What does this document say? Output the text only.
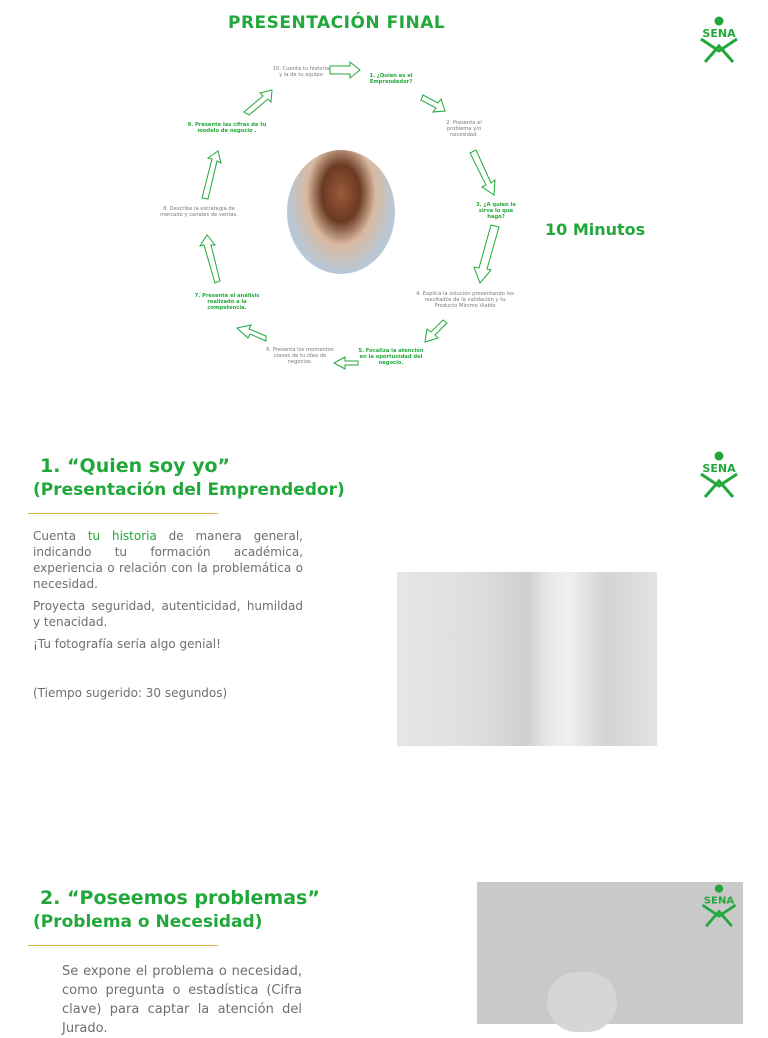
PRESENTACIÓN FINAL
SENA
10. Cuenta tu historia y la de tu equipo	1. ¿Quien es el Emprendedor?
2. Presenta el problema y/o necesidad.
3. ¿A quien le sirve lo que hago?
4. Explica la solución presentando los resultados de la validación y tu Producto Mínimo Viable
5. Focaliza la atención en la oportunidad del negocio.
6. Presenta los momentos claves de tu idea de negocios.
7. Presente el análisis realizado a la competencia.
8. Describe la estrategia de mercado y canales de ventas.
9. Presente las cifras de tu modelo de negocio .
10 Minutos
1. “Quien soy yo”
(Presentación del Emprendedor)
SENA

Cuenta tu historia de manera general, indicando tu formación académica, experiencia o relación con la problemática o necesidad.

Proyecta seguridad, autenticidad, humildad y tenacidad.

¡Tu fotografía sería algo genial!

(Tiempo sugerido: 30 segundos)
2. “Poseemos problemas”
(Problema o Necesidad)
Se expone el problema o necesidad, como pregunta o estadística (Cifra clave) para captar la atención del Jurado.
SENA
